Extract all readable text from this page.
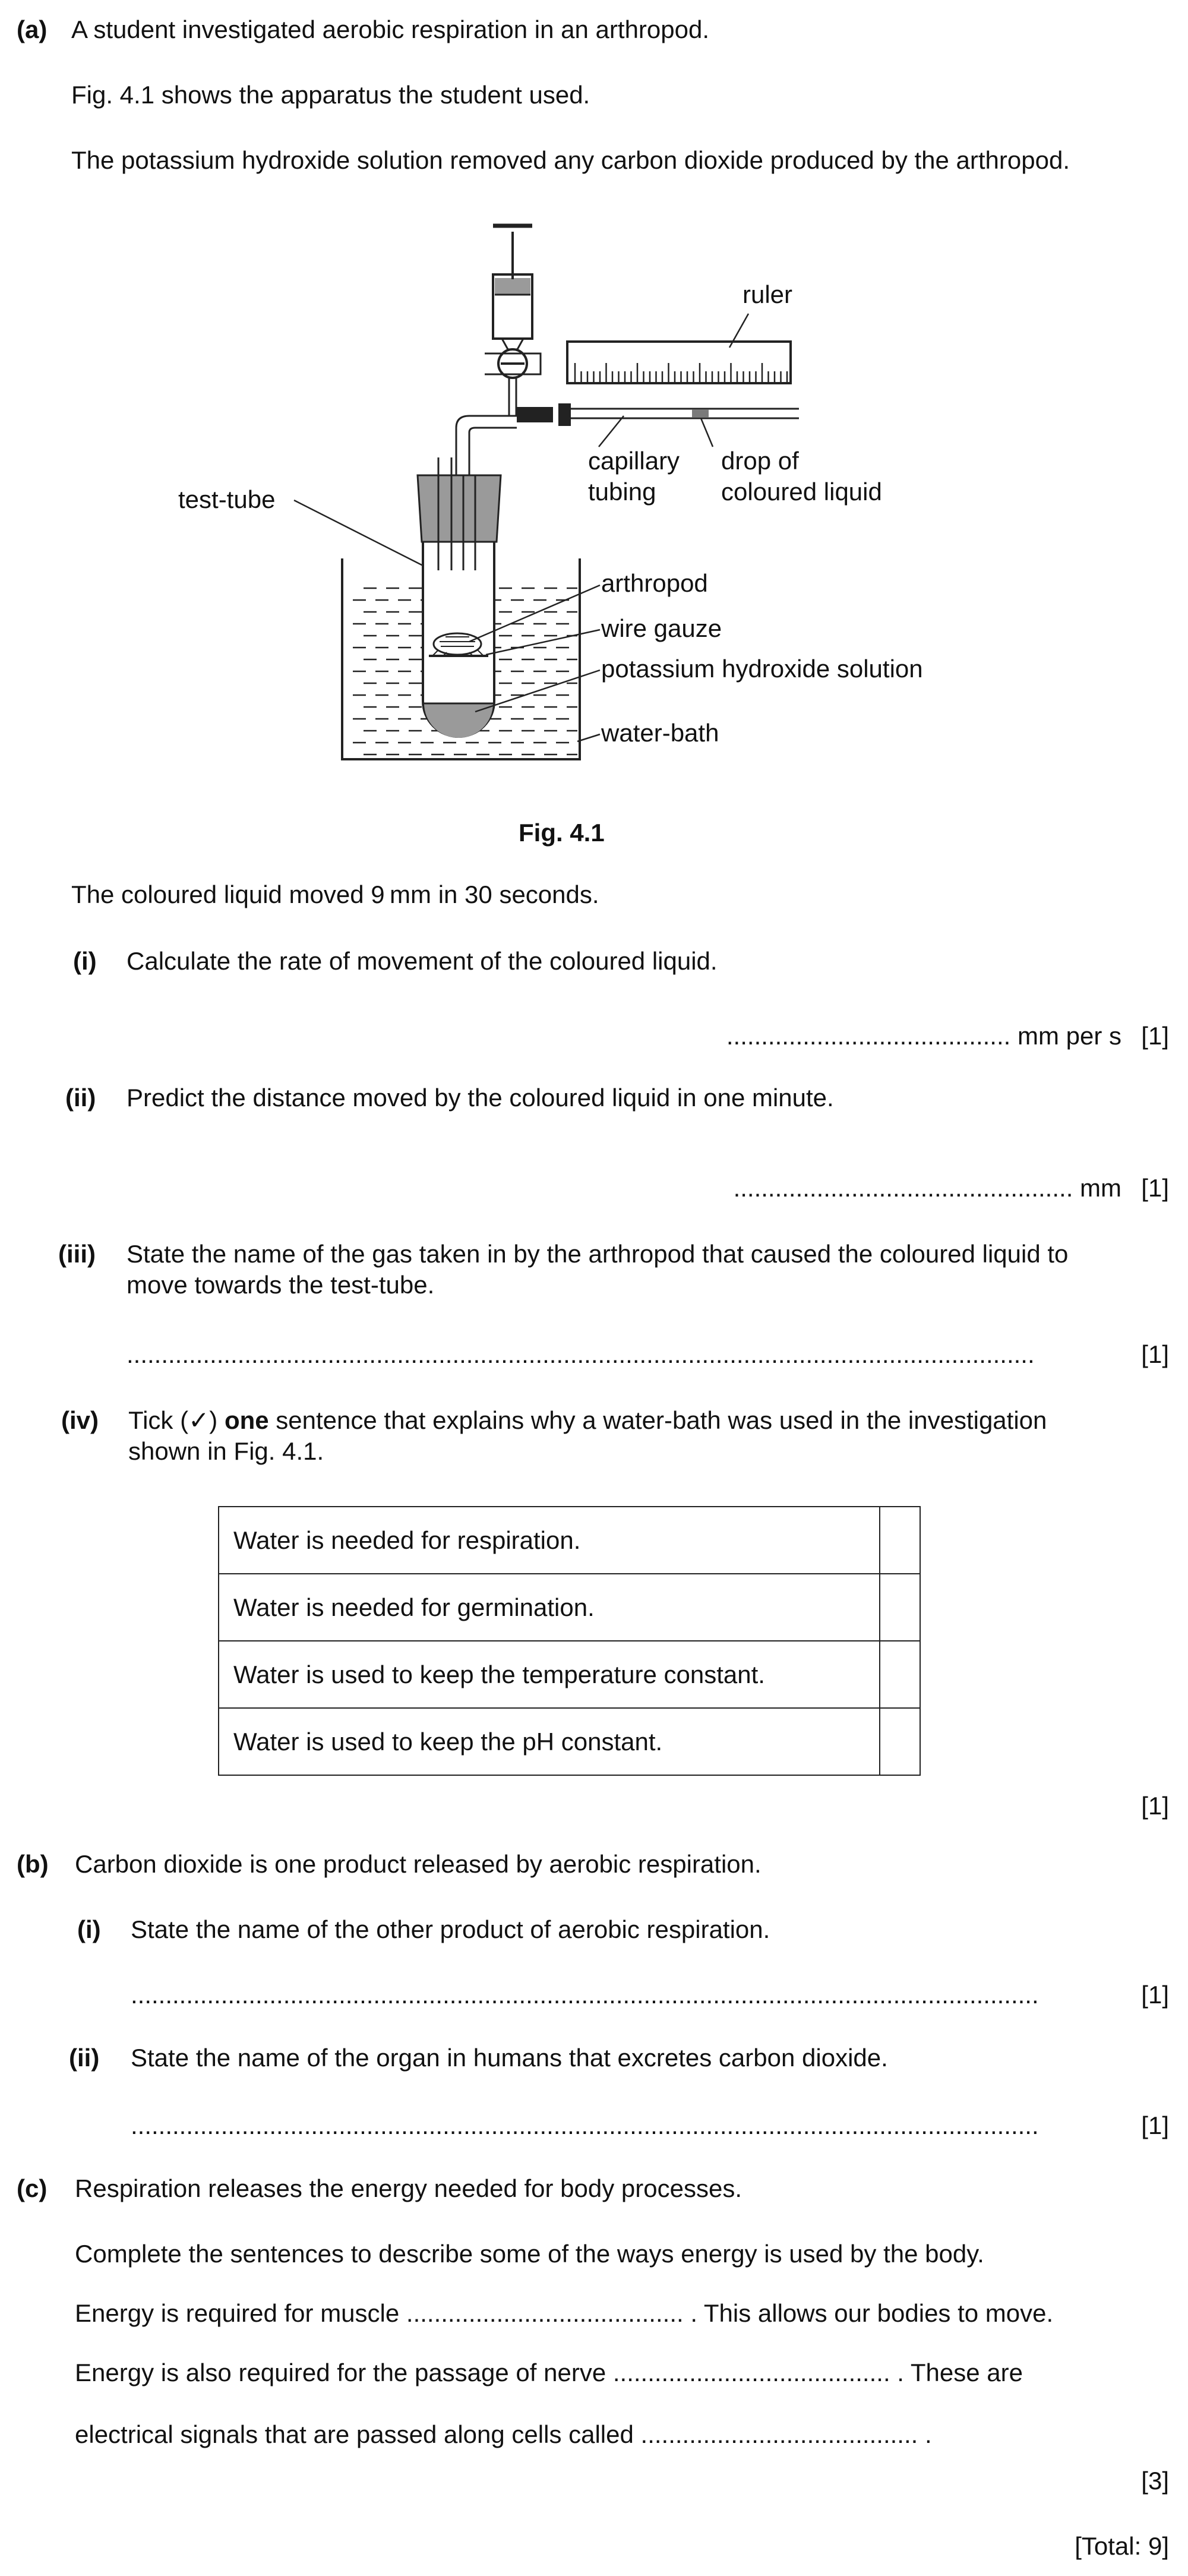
(a) A student investigated aerobic respiration in an arthropod.
Fig. 4.1 shows the apparatus the student used.
The potassium hydroxide solution removed any carbon dioxide produced by the arthropod.
ruler
capillary
tubing
drop of
coloured liquid
test-tube
arthropod
wire gauze
potassium hydroxide solution
water-bath
Fig. 4.1
The coloured liquid moved 9 mm in 30 seconds.
(i) Calculate the rate of movement of the coloured liquid.
......................................... mm per s [1]
(ii) Predict the distance moved by the coloured liquid in one minute.
................................................. mm [1]
(iii) State the name of the gas taken in by the arthropod that caused the coloured liquid to
move towards the test-tube.
...................................................................................................................................	[1]
(iv) Tick (✓) one sentence that explains why a water-bath was used in the investigation
shown in Fig. 4.1.
Water is needed for respiration.	
Water is needed for germination.	
Water is used to keep the temperature constant.	
Water is used to keep the pH constant.	
[1]
(b) Carbon dioxide is one product released by aerobic respiration.
(i) State the name of the other product of aerobic respiration.
...................................................................................................................................	[1]
(ii) State the name of the organ in humans that excretes carbon dioxide.
...................................................................................................................................	[1]
(c) Respiration releases the energy needed for body processes.
Complete the sentences to describe some of the ways energy is used by the body.
Energy is required for muscle ........................................ . This allows our bodies to move.
Energy is also required for the passage of nerve ........................................ . These are
electrical signals that are passed along cells called ........................................ .
[3]
[Total: 9]
